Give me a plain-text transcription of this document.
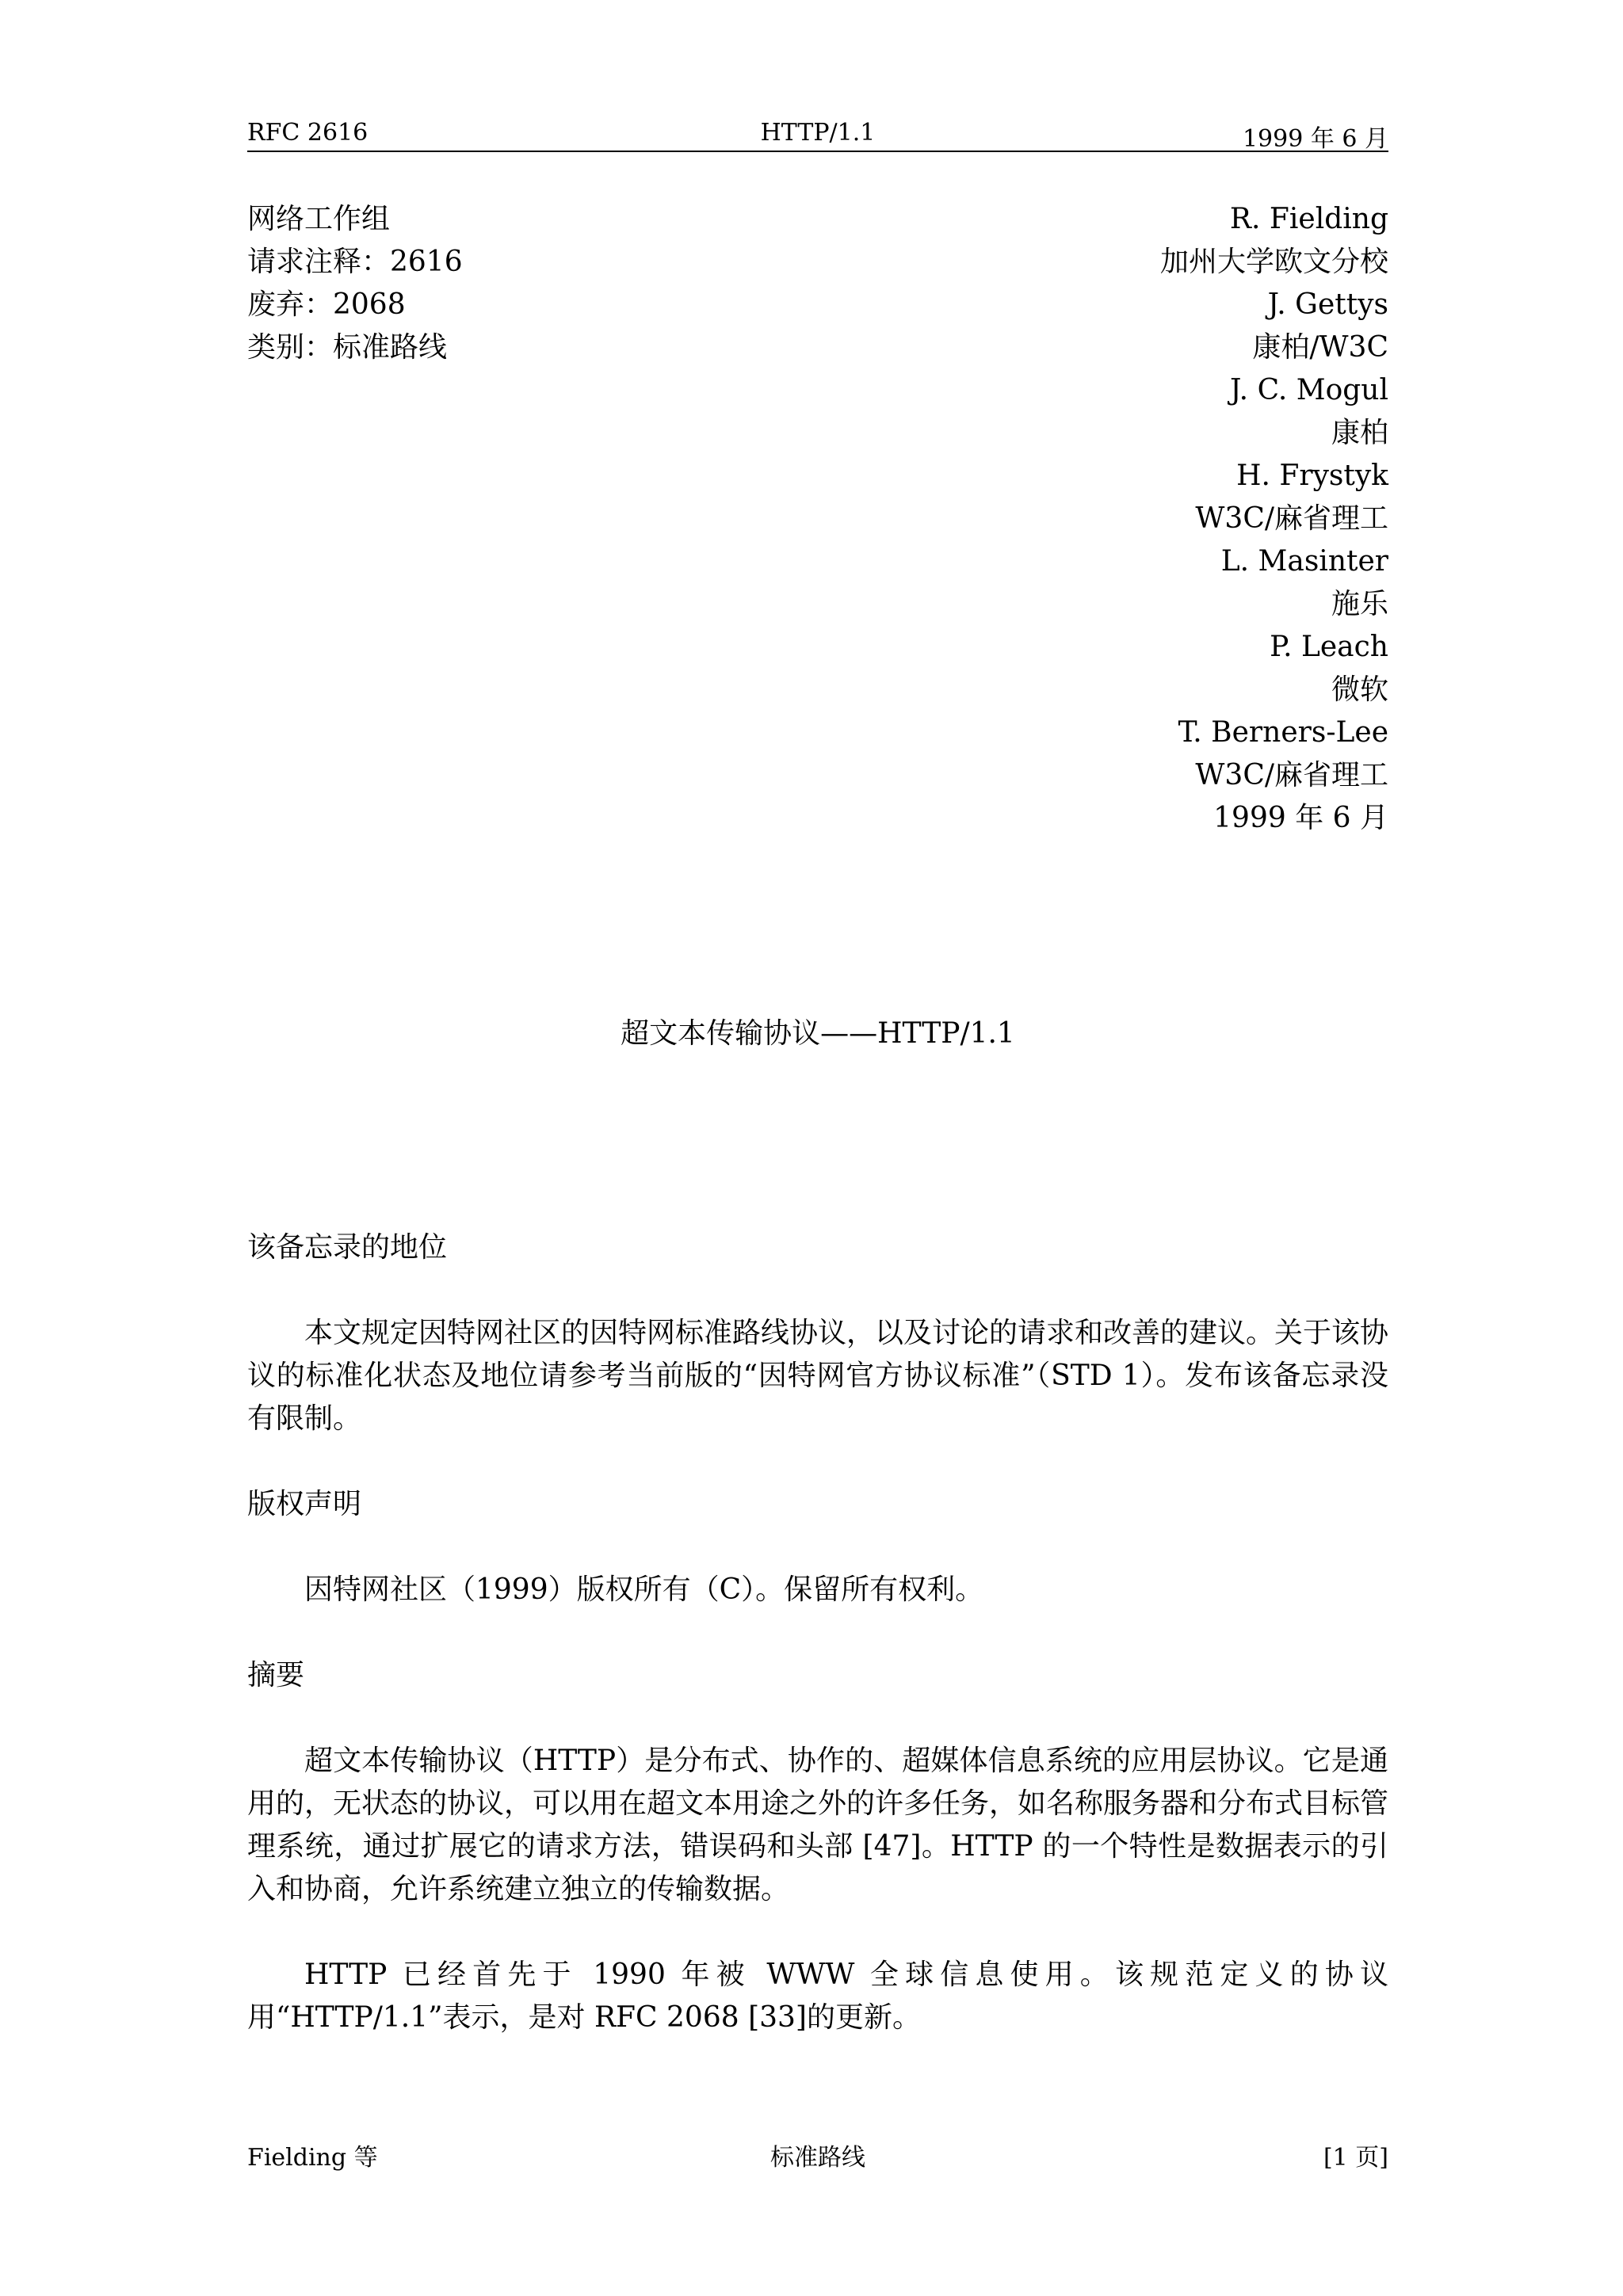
RFC 2616	HTTP/1.1	1999 年 6 月
网络工作组
请求注释：2616
废弃：2068
类别：标准路线
R. Fielding
加州大学欧文分校
J. Gettys
康柏/W3C
J. C. Mogul
康柏
H. Frystyk
W3C/麻省理工
L. Masinter
施乐
P. Leach
微软
T. Berners-Lee
W3C/麻省理工
1999 年 6 月
超文本传输协议——HTTP/1.1
该备忘录的地位
本文规定因特网社区的因特网标准路线协议，以及讨论的请求和改善的建议。关于该协议的标准化状态及地位请参考当前版的“因特网官方协议标准”（STD 1）。发布该备忘录没有限制。
版权声明
因特网社区（1999）版权所有（C）。保留所有权利。
摘要
超文本传输协议（HTTP）是分布式、协作的、超媒体信息系统的应用层协议。它是通用的，无状态的协议，可以用在超文本用途之外的许多任务，如名称服务器和分布式目标管理系统，通过扩展它的请求方法，错误码和头部 [47]。HTTP 的一个特性是数据表示的引入和协商，允许系统建立独立的传输数据。
HTTP 已经首先于 1990 年被 WWW 全球信息使用。该规范定义的协议用“HTTP/1.1”表示，是对 RFC 2068 [33]的更新。
Fielding 等	标准路线	[1 页]
